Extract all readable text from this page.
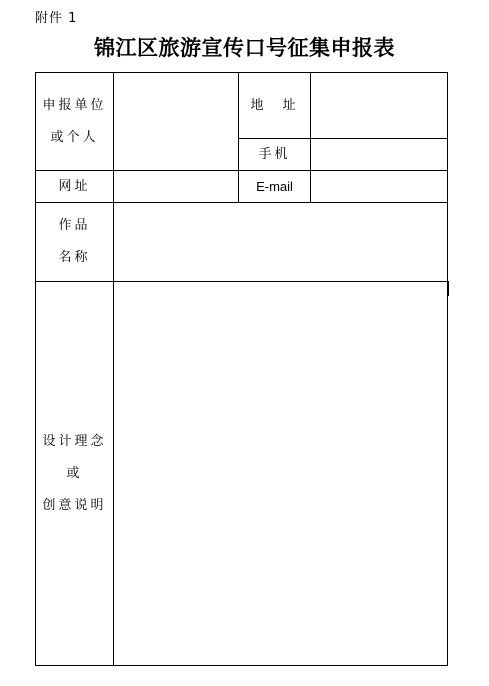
附件 1
锦江区旅游宣传口号征集申报表
申报单位
或个人
地　址
手机
网址	E-mail
作品
名称
设计理念
或
创意说明
